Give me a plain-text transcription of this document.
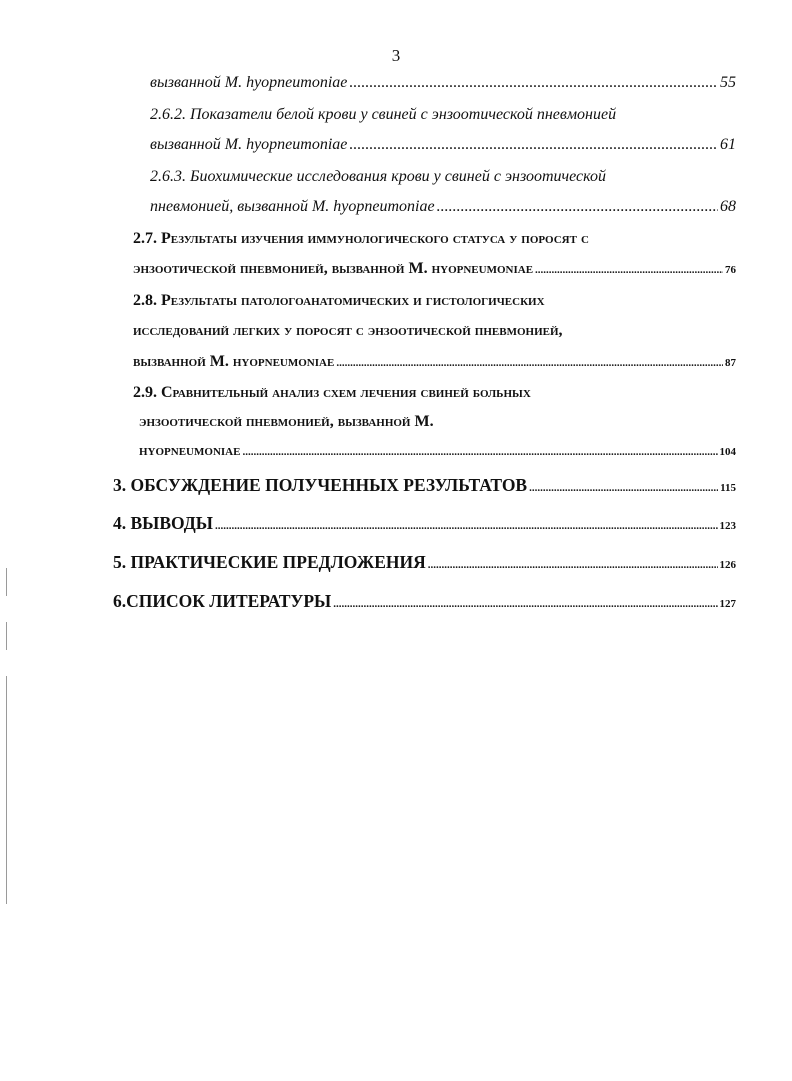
3
вызванной M. hyopneumoniae .....	55
2.6.2. Показатели белой крови у свиней с энзоотической пневмонией
вызванной M. hyopneumoniae .....	61
2.6.3. Биохимические исследования крови у свиней с энзоотической
пневмонией, вызванной M. hyopneumoniae .....	68
2.7. Результаты изучения иммунологического статуса у поросят с
энзоотической пневмонией, вызванной M. hyopneumoniae .....	76
2.8. Результаты патологоанатомических и гистологических
исследований легких у поросят с энзоотической пневмонией,
вызванной M. hyopneumoniae .....	87
2.9. Сравнительный анализ схем лечения свиней больных
энзоотической пневмонией, вызванной M.
hyopneumoniae .....	104
3. ОБСУЖДЕНИЕ ПОЛУЧЕННЫХ РЕЗУЛЬТАТОВ .....	115
4. ВЫВОДЫ .....	123
5. ПРАКТИЧЕСКИЕ ПРЕДЛОЖЕНИЯ .....	126
6.СПИСОК ЛИТЕРАТУРЫ .....	127
